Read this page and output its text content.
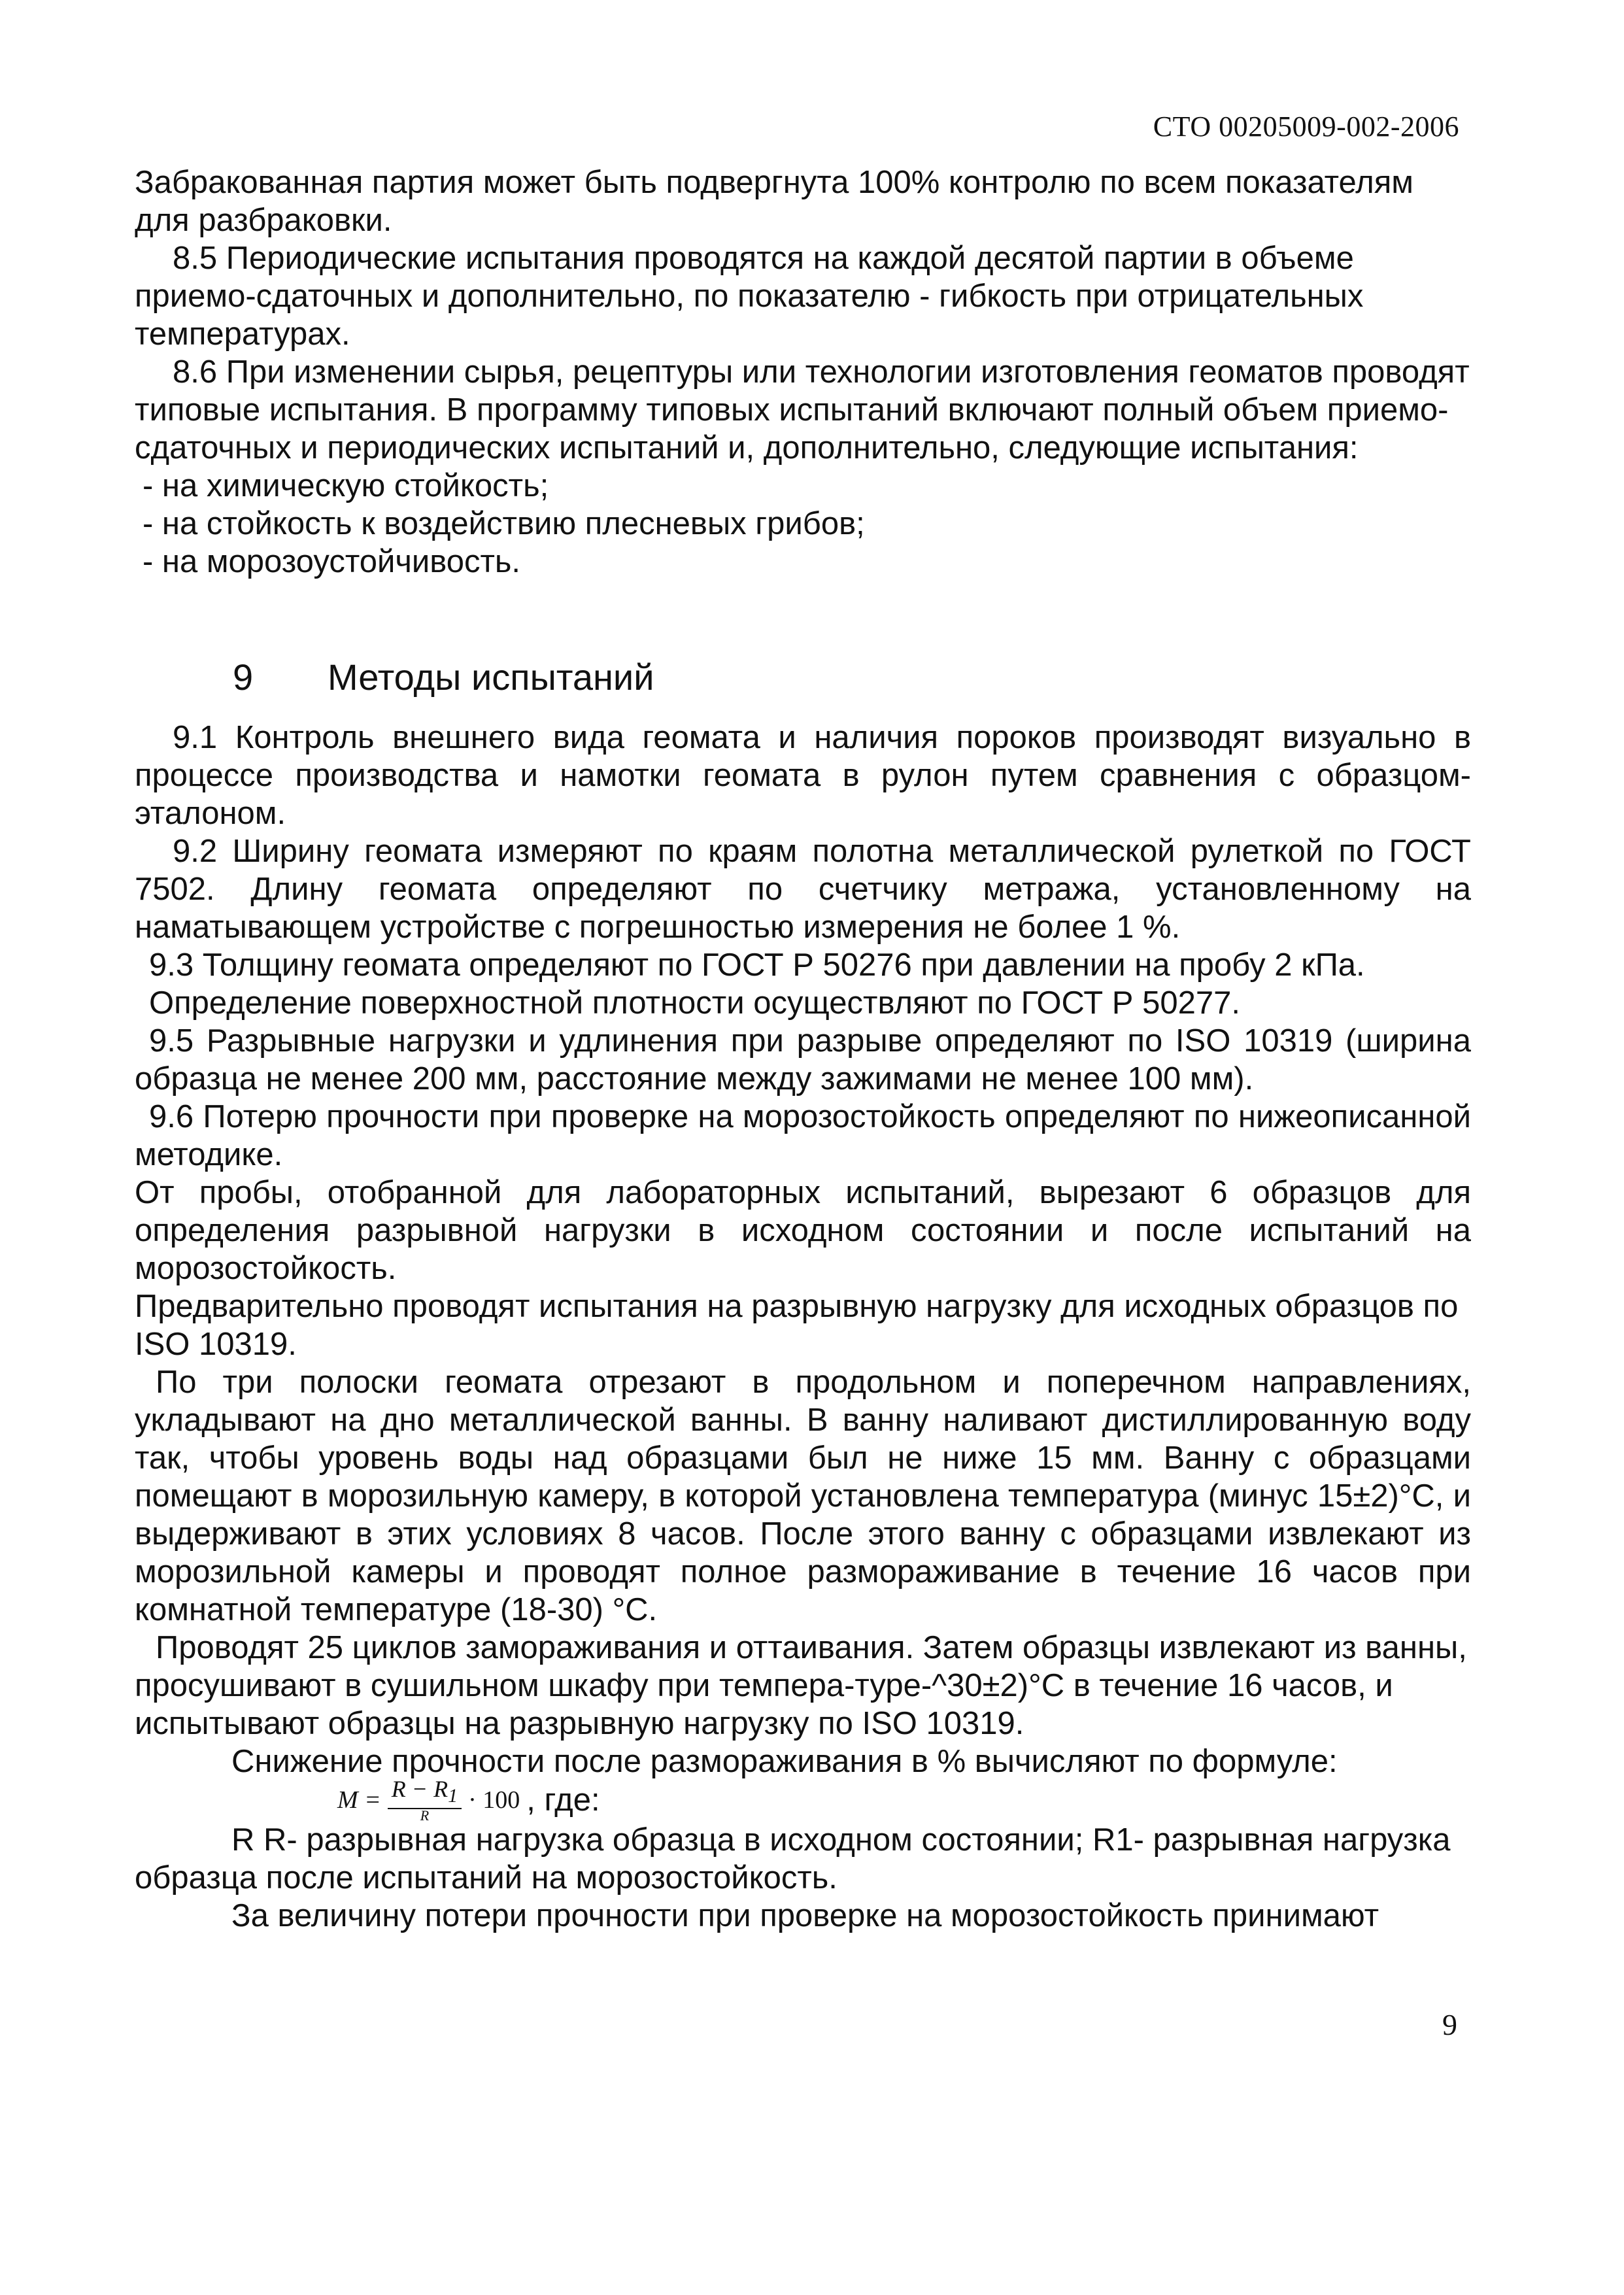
СТО 00205009-002-2006

Забракованная партия может быть подвергнута 100% контролю по всем показателям для разбраковки.

8.5 Периодические испытания проводятся на каждой десятой партии в объеме приемо-сдаточных и дополнительно, по показателю - гибкость при отрицательных температурах.

8.6 При изменении сырья, рецептуры или технологии изготовления геоматов проводят типовые испытания. В программу типовых испытаний включают полный объем приемо-сдаточных и периодических испытаний и, дополнительно, следующие испытания:

- на химическую стойкость;

- на стойкость к воздействию плесневых грибов;

- на морозоустойчивость.

9	Методы испытаний

9.1 Контроль внешнего вида геомата и наличия пороков производят визуально в процессе производства и намотки геомата в рулон путем сравнения с образцом-эталоном.

9.2 Ширину геомата измеряют по краям полотна металлической рулеткой по ГОСТ 7502. Длину геомата определяют по счетчику метража, установленному на наматывающем устройстве с погрешностью измерения не более 1 %.

9.3 Толщину геомата определяют по ГОСТ Р 50276 при давлении на пробу 2 кПа.

Определение поверхностной плотности осуществляют по ГОСТ Р 50277.

9.5 Разрывные нагрузки и удлинения при разрыве определяют по ISO 10319 (ширина образца не менее 200 мм, расстояние между зажимами не менее 100 мм).

9.6 Потерю прочности при проверке на морозостойкость определяют по нижеописанной методике.

От пробы, отобранной для лабораторных испытаний, вырезают 6 образцов для определения разрывной нагрузки в исходном состоянии и после испытаний на морозостойкость.

Предварительно проводят испытания на разрывную нагрузку для исходных образцов по ISO 10319.

По три полоски геомата отрезают в продольном и поперечном направлениях, укладывают на дно металлической ванны. В ванну наливают дистиллированную воду так, чтобы уровень воды над образцами был не ниже 15 мм. Ванну с образцами помещают в морозильную камеру, в которой установлена температура (минус 15±2)°С, и выдерживают в этих условиях 8 часов. После этого ванну с образцами извлекают из морозильной камеры и проводят полное размораживание в течение 16 часов при комнатной температуре (18-30) °С.

Проводят 25 циклов замораживания и оттаивания. Затем образцы извлекают из ванны, просушивают в сушильном шкафу при темпера-туре-^30±2)°С в течение 16 часов, и испытывают образцы на разрывную нагрузку по ISO 10319.

Снижение прочности после размораживания в % вычисляют по формуле:

$M = \frac{R - R_1}{R} \cdot 100$ , где:

R R- разрывная нагрузка образца в исходном состоянии; R1- разрывная нагрузка образца после испытаний на морозостойкость.

За величину потери прочности при проверке на морозостойкость принимают

9
